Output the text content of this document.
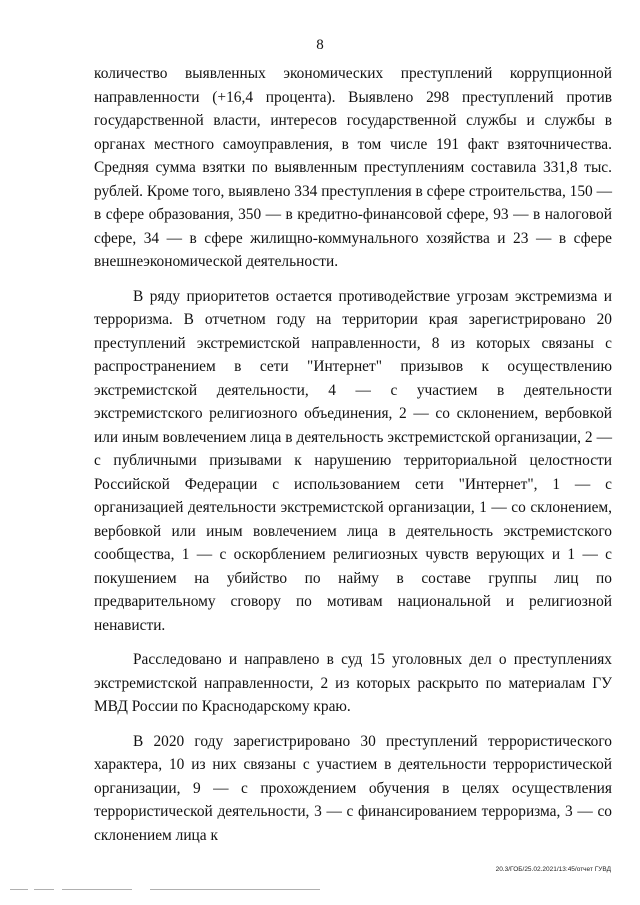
8

количество выявленных экономических преступлений коррупционной направленности (+16,4 процента). Выявлено 298 преступлений против государственной власти, интересов государственной службы и службы в органах местного самоуправления, в том числе 191 факт взяточничества. Средняя сумма взятки по выявленным преступлениям составила 331,8 тыс. рублей. Кроме того, выявлено 334 преступления в сфере строительства, 150 — в сфере образования, 350 — в кредитно-финансовой сфере, 93 — в налоговой сфере, 34 — в сфере жилищно-коммунального хозяйства и 23 — в сфере внешнеэкономической деятельности.

В ряду приоритетов остается противодействие угрозам экстремизма и терроризма. В отчетном году на территории края зарегистрировано 20 преступлений экстремистской направленности, 8 из которых связаны с распространением в сети "Интернет" призывов к осуществлению экстремистской деятельности, 4 — с участием в деятельности экстремистского религиозного объединения, 2 — со склонением, вербовкой или иным вовлечением лица в деятельность экстремистской организации, 2 — с публичными призывами к нарушению территориальной целостности Российской Федерации с использованием сети "Интернет", 1 — с организацией деятельности экстремистской организации, 1 — со склонением, вербовкой или иным вовлечением лица в деятельность экстремистского сообщества, 1 — с оскорблением религиозных чувств верующих и 1 — с покушением на убийство по найму в составе группы лиц по предварительному сговору по мотивам национальной и религиозной ненависти.

Расследовано и направлено в суд 15 уголовных дел о преступлениях экстремистской направленности, 2 из которых раскрыто по материалам ГУ МВД России по Краснодарскому краю.

В 2020 году зарегистрировано 30 преступлений террористического характера, 10 из них связаны с участием в деятельности террористической организации, 9 — с прохождением обучения в целях осуществления террористической деятельности, 3 — с финансированием терроризма, 3 — со склонением лица к

20.3/ГОБ/25.02.2021/13:45/отчет ГУВД
